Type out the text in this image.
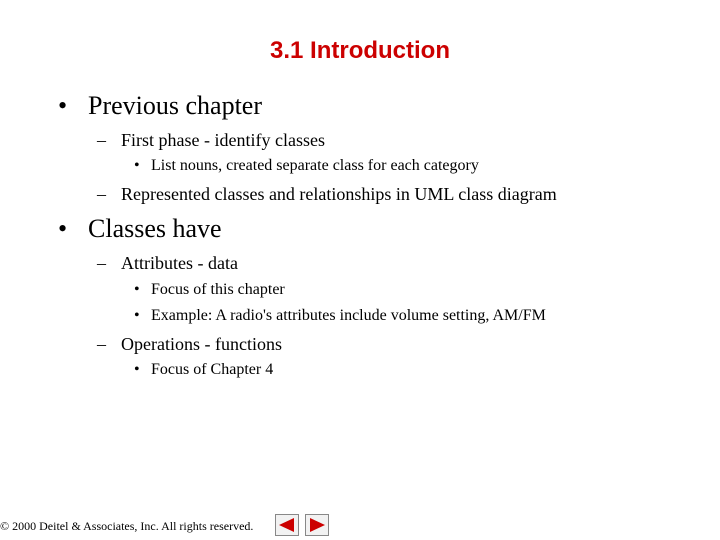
3.1 Introduction
• Previous chapter
– First phase - identify classes
• List nouns, created separate class for each category
– Represented classes and relationships in UML class diagram
• Classes have
– Attributes - data
• Focus of this chapter
• Example: A radio's attributes include volume setting, AM/FM
– Operations - functions
• Focus of Chapter 4
© 2000 Deitel & Associates, Inc. All rights reserved.
